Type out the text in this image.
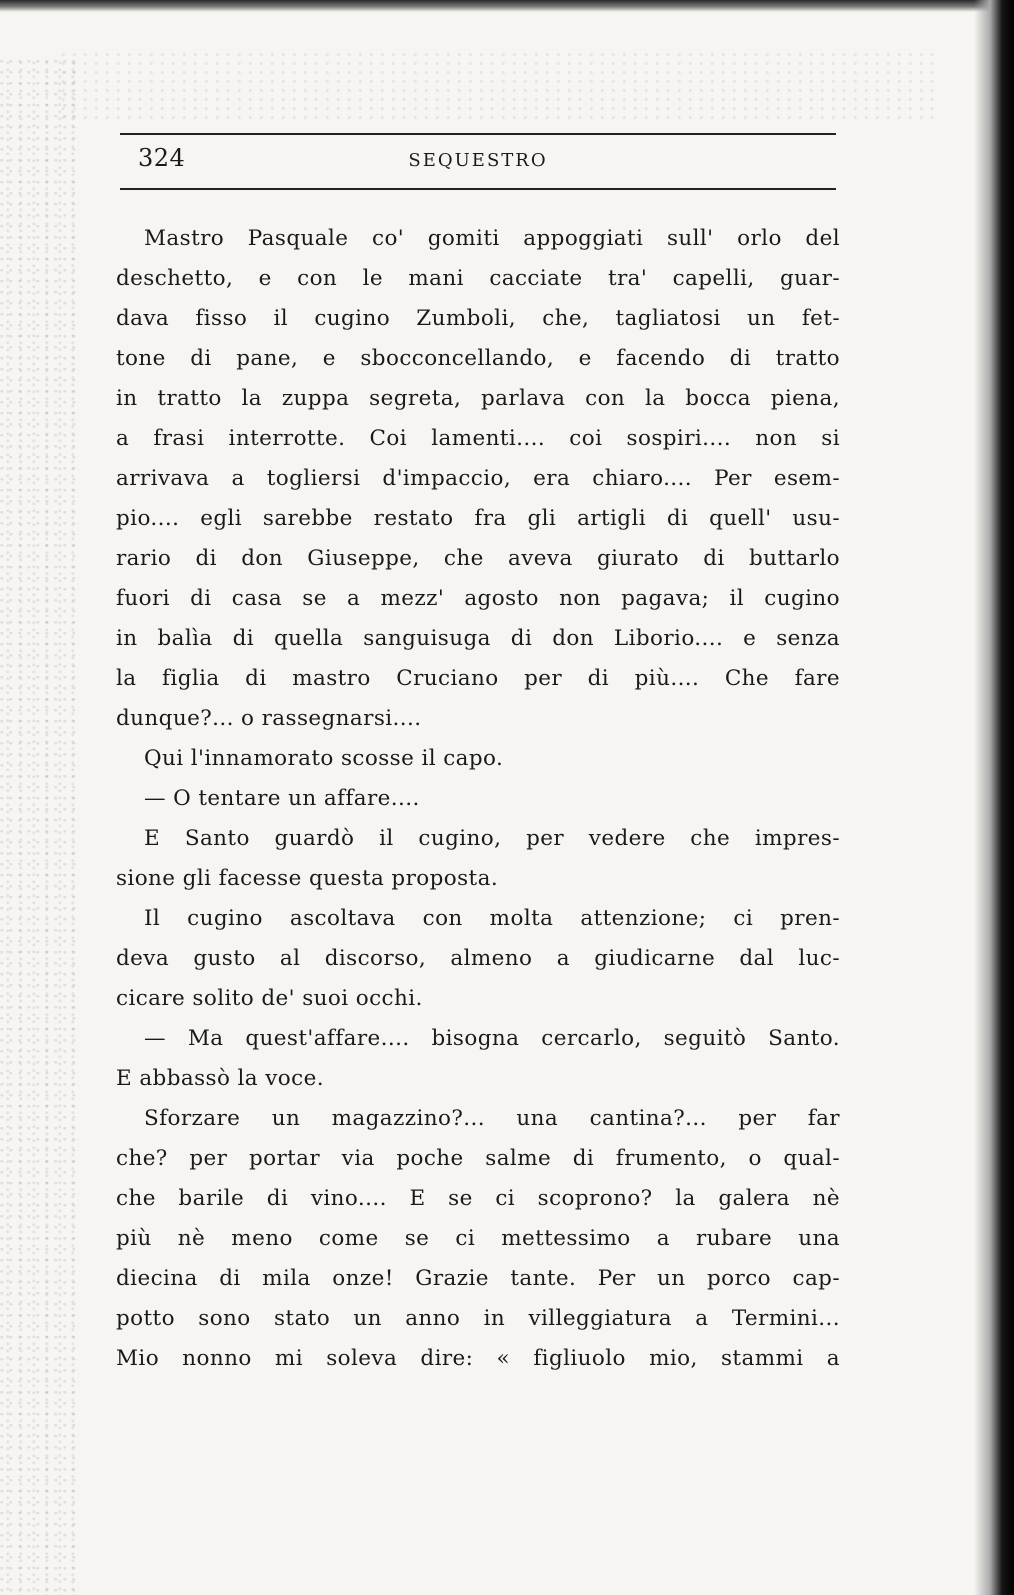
324	SEQUESTRO
Mastro Pasquale co' gomiti appoggiati sull' orlo del
deschetto, e con le mani cacciate tra' capelli, guar-
dava fisso il cugino Zumboli, che, tagliatosi un fet-
tone di pane, e sbocconcellando, e facendo di tratto
in tratto la zuppa segreta, parlava con la bocca piena,
a frasi interrotte. Coi lamenti.... coi sospiri.... non si
arrivava a togliersi d'impaccio, era chiaro.... Per esem-
pio.... egli sarebbe restato fra gli artigli di quell' usu-
rario di don Giuseppe, che aveva giurato di buttarlo
fuori di casa se a mezz' agosto non pagava; il cugino
in balìa di quella sanguisuga di don Liborio.... e senza
la figlia di mastro Cruciano per di più.... Che fare
dunque?... o rassegnarsi....
Qui l'innamorato scosse il capo.
— O tentare un affare....
E Santo guardò il cugino, per vedere che impres-
sione gli facesse questa proposta.
Il cugino ascoltava con molta attenzione; ci pren-
deva gusto al discorso, almeno a giudicarne dal luc-
cicare solito de' suoi occhi.
— Ma quest'affare.... bisogna cercarlo, seguitò Santo.
E abbassò la voce.
Sforzare un magazzino?... una cantina?... per far
che? per portar via poche salme di frumento, o qual-
che barile di vino.... E se ci scoprono? la galera nè
più nè meno come se ci mettessimo a rubare una
diecina di mila onze! Grazie tante. Per un porco cap-
potto sono stato un anno in villeggiatura a Termini...
Mio nonno mi soleva dire: « figliuolo mio, stammi a
